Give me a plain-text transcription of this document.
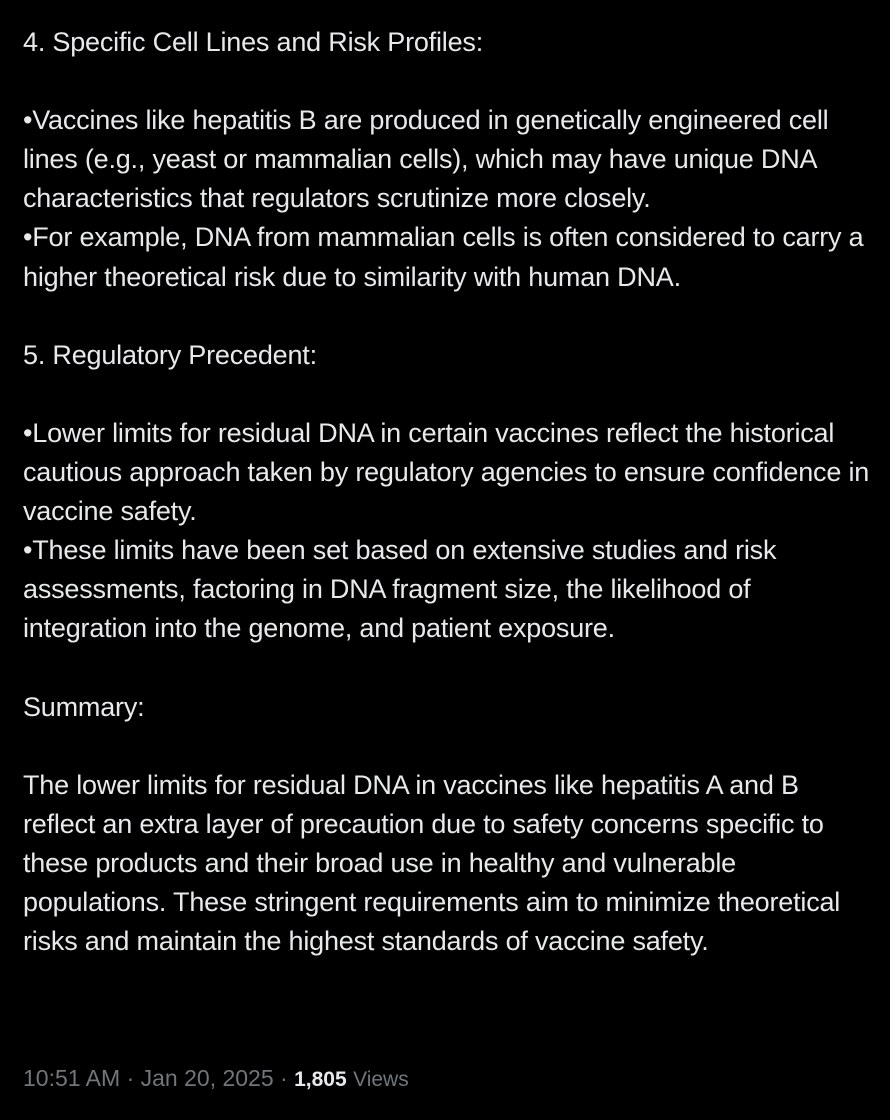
4. Specific Cell Lines and Risk Profiles:

•Vaccines like hepatitis B are produced in genetically engineered cell lines (e.g., yeast or mammalian cells), which may have unique DNA characteristics that regulators scrutinize more closely.

•For example, DNA from mammalian cells is often considered to carry a higher theoretical risk due to similarity with human DNA.

5. Regulatory Precedent:

•Lower limits for residual DNA in certain vaccines reflect the historical cautious approach taken by regulatory agencies to ensure confidence in vaccine safety.

•These limits have been set based on extensive studies and risk assessments, factoring in DNA fragment size, the likelihood of integration into the genome, and patient exposure.

Summary:

The lower limits for residual DNA in vaccines like hepatitis A and B reflect an extra layer of precaution due to safety concerns specific to these products and their broad use in healthy and vulnerable populations. These stringent requirements aim to minimize theoretical risks and maintain the highest standards of vaccine safety.

10:51 AM · Jan 20, 2025 · 1,805 Views
